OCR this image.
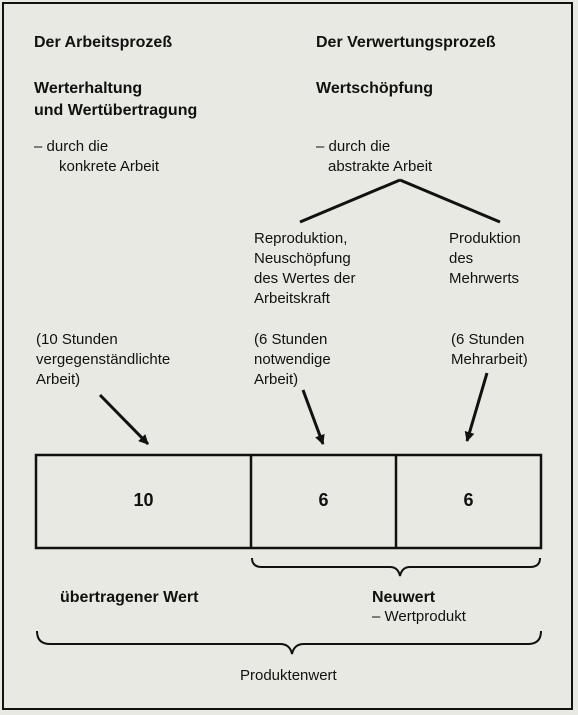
Der Arbeitsprozeß	Der Verwertungsprozeß
Werterhaltung
und Wertübertragung
Wertschöpfung
– durch die
konkrete Arbeit
– durch die
abstrakte Arbeit
Reproduktion,
Neuschöpfung
des Wertes der
Arbeitskraft
Produktion
des
Mehrwerts
(10 Stunden
vergegenständlichte
Arbeit)
(6 Stunden
notwendige
Arbeit)
(6 Stunden
Mehrarbeit)
10	6	6
übertragener Wert	Neuwert
– Wertprodukt
Produktenwert
